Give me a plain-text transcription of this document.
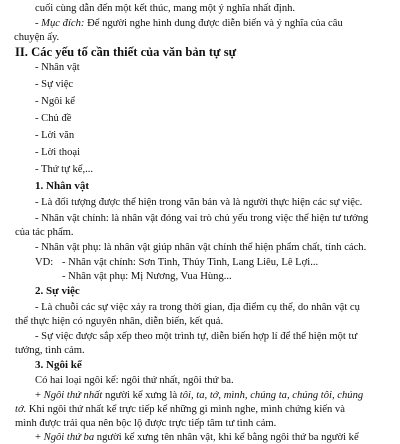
cuối cùng dẫn đến một kết thúc, mang một ý nghĩa nhất định.
- Mục đích: Để người nghe hình dung được diễn biến và ý nghĩa của câu
chuyện ấy.
II. Các yếu tố cần thiết của văn bản tự sự
- Nhân vật
- Sự việc
- Ngôi kể
- Chủ đề
- Lời văn
- Lời thoại
- Thứ tự kể,...
1. Nhân vật
- Là đối tượng được thể hiện trong văn bản và là người thực hiện các sự việc.
- Nhân vật chính: là nhân vật đóng vai trò chủ yếu trong việc thể hiện tư tưởng
của tác phẩm.
- Nhân vật phụ: là nhân vật giúp nhân vật chính thể hiện phẩm chất, tính cách.
VD: - Nhân vật chính: Sơn Tinh, Thủy Tinh, Lang Liêu, Lê Lợi...
- Nhân vật phụ: Mị Nương, Vua Hùng...
2. Sự việc
- Là chuỗi các sự việc xảy ra trong thời gian, địa điểm cụ thể, do nhân vật cụ
thể thực hiện có nguyên nhân, diễn biến, kết quả.
- Sự việc được sắp xếp theo một trình tự, diễn biến hợp lí để thể hiện một tư
tưởng, tình cảm.
3. Ngôi kể
Có hai loại ngôi kể: ngôi thứ nhất, ngôi thứ ba.
+ Ngôi thứ nhất người kể xưng là tôi, ta, tớ, mình, chúng ta, chúng tôi, chúng
tớ. Khi ngôi thứ nhất kể trực tiếp kể những gì mình nghe, mình chứng kiến và
mình được trải qua nên bộc lộ được trực tiếp tâm tư tình cảm.
+ Ngôi thứ ba người kể xưng tên nhân vật, khi kể bằng ngôi thứ ba người kể
